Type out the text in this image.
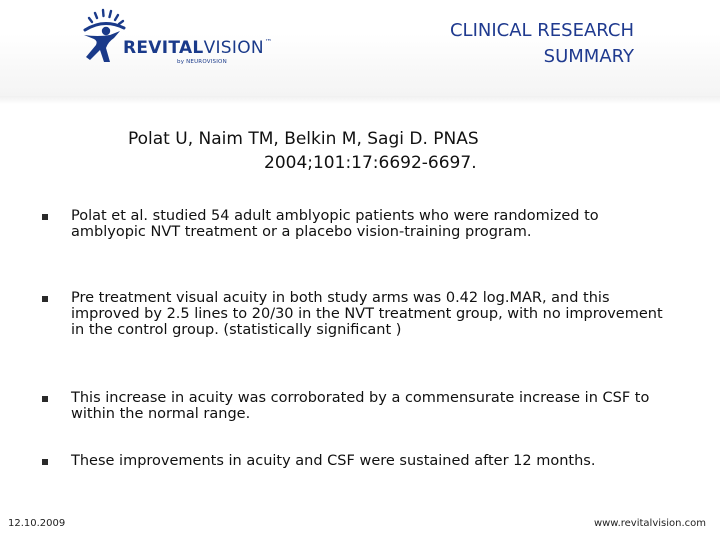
REVITALVISION™
by NEUROVISION
CLINICAL RESEARCH
SUMMARY
Polat U, Naim TM, Belkin M, Sagi D. PNAS
2004;101:17:6692-6697.
Polat et al. studied 54 adult amblyopic patients who were randomized to amblyopic NVT treatment or a placebo vision-training program.
Pre treatment visual acuity in both study arms was 0.42 log.MAR, and this improved by 2.5 lines to 20/30 in the NVT treatment group, with no improvement in the control group. (statistically significant )
This increase in acuity was corroborated by a commensurate increase in CSF to within the normal range.
These improvements in acuity and CSF were sustained after 12 months.
12.10.2009	www.revitalvision.com
